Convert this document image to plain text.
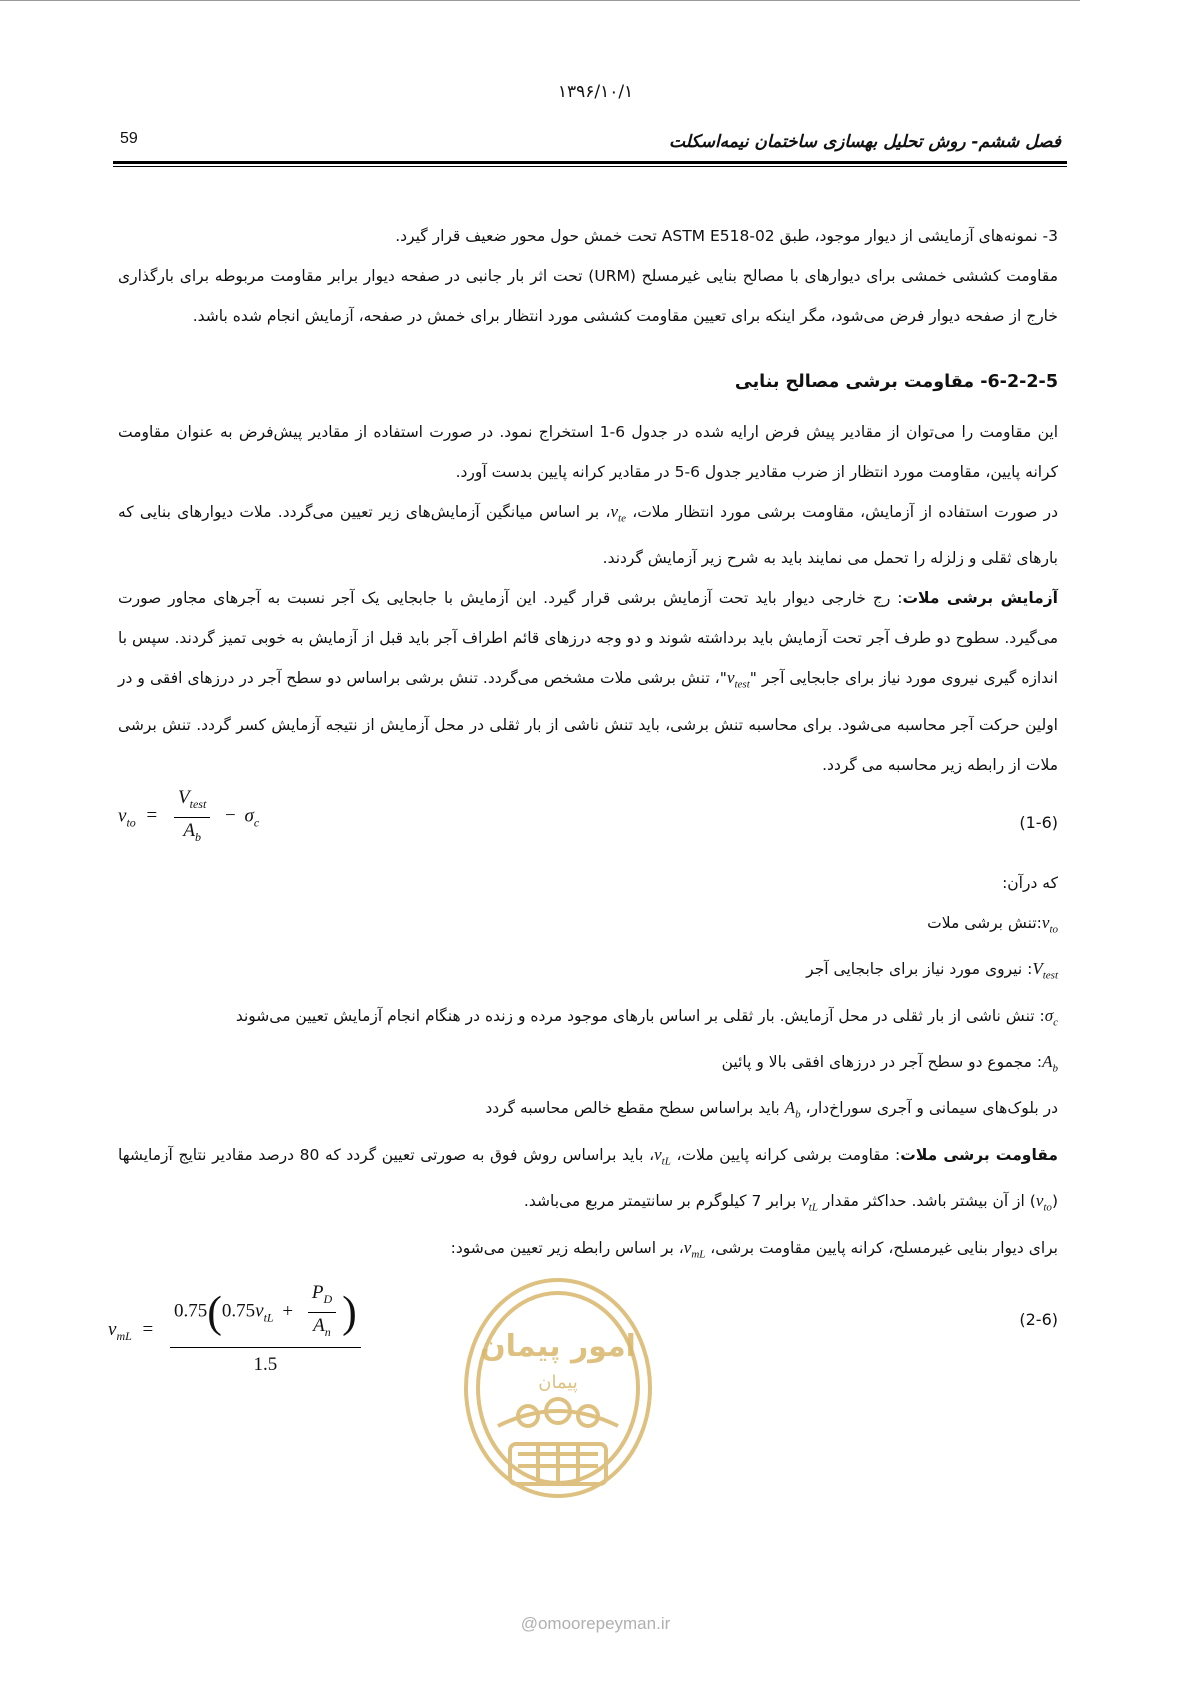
۱۳۹۶/۱۰/۱
59	فصل ششم- روش تحلیل بهسازی ساختمان نیمه‌اسکلت

3- نمونه‌های آزمایشی از دیوار موجود، طبق ASTM E518-02 تحت خمش حول محور ضعیف قرار گیرد.

مقاومت کششی خمشی برای دیوارهای با مصالح بنایی غیرمسلح (URM) تحت اثر بار جانبی در صفحه دیوار برابر مقاومت مربوطه برای بارگذاری خارج از صفحه دیوار فرض می‌شود، مگر اینکه برای تعیین مقاومت کششی مورد انتظار برای خمش در صفحه، آزمایش انجام شده باشد.

6-2-2-5- مقاومت برشی مصالح بنایی

این مقاومت را می‌توان از مقادیر پیش فرض ارایه شده در جدول 6-1 استخراج نمود. در صورت استفاده از مقادیر پیش‌فرض به عنوان مقاومت کرانه پایین، مقاومت مورد انتظار از ضرب مقادیر جدول 6-5 در مقادیر کرانه پایین بدست آورد.

در صورت استفاده از آزمایش، مقاومت برشی مورد انتظار ملات، $v_{te}،$ بر اساس میانگین آزمایش‌های زیر تعیین می‌گردد. ملات دیوارهای بنایی که بارهای ثقلی و زلزله را تحمل می نمایند باید به شرح زیر آزمایش گردند.

آزمایش برشی ملات: رج خارجی دیوار باید تحت آزمایش برشی قرار گیرد. این آزمایش با جابجایی یک آجر نسبت به آجرهای مجاور صورت می‌گیرد. سطوح دو طرف آجر تحت آزمایش باید برداشته شوند و دو وجه درزهای قائم اطراف آجر باید قبل از آزمایش به خوبی تمیز گردند. سپس با اندازه گیری نیروی مورد نیاز برای جابجایی آجر "$v_{test}"،$ تنش برشی ملات مشخص می‌گردد. تنش برشی براساس دو سطح آجر در درزهای افقی و در اولین حرکت آجر محاسبه می‌شود. برای محاسبه تنش برشی، باید تنش ناشی از بار ثقلی در محل آزمایش از نتیجه آزمایش کسر گردد. تنش برشی ملات از رابطه زیر محاسبه می گردد.

$v_{to} = \frac{V_{test}}{A_b} - \sigma_c$	(1-6)

که درآن:

$v_{to}:تنش$ برشی ملات

$V_{test}$: نیروی مورد نیاز برای جابجایی آجر

$\sigma_c$: تنش ناشی از بار ثقلی در محل آزمایش. بار ثقلی بر اساس بارهای موجود مرده و زنده در هنگام انجام آزمایش تعیین می‌شوند

$A_b$: مجموع دو سطح آجر در درزهای افقی بالا و پائین

در بلوک‌های سیمانی و آجری سوراخ‌دار، $A_b$ باید براساس سطح مقطع خالص محاسبه گردد

مقاومت برشی ملات: مقاومت برشی کرانه پایین ملات، $v_{tL}،$ باید براساس روش فوق به صورتی تعیین گردد که 80 درصد مقادیر نتایج آزمایشها $(v_{to})$ از آن بیشتر باشد. حداکثر مقدار $v_{tL}$ برابر 7 کیلوگرم بر سانتیمتر مربع می‌باشد.

برای دیوار بنایی غیرمسلح، کرانه پایین مقاومت برشی، $v_{mL}،$ بر اساس رابطه زیر تعیین می‌شود:

$v_{mL}$ =
$0.75(0.75v_{tL} + \frac{P_D}{A_n}$ )
1.5
(2-6)
امور پیمان
پیمان
@omoorepeyman.ir
